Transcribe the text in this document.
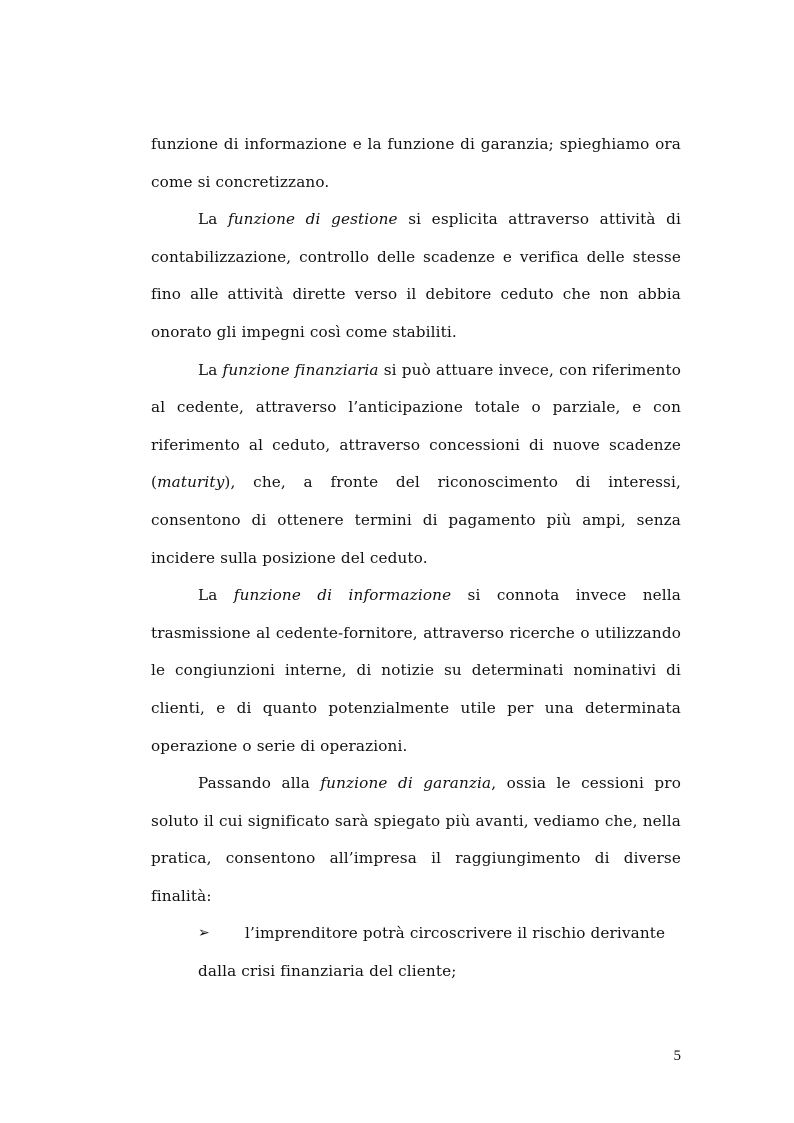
funzione di informazione e la funzione di garanzia; spieghiamo ora come si concretizzano.

La funzione di gestione si esplicita attraverso attività di contabilizzazione, controllo delle scadenze e verifica delle stesse fino alle attività dirette verso il debitore ceduto che non abbia onorato gli impegni così come stabiliti.

La funzione finanziaria si può attuare invece, con riferimento al cedente, attraverso l’anticipazione totale o parziale, e con riferimento al ceduto, attraverso concessioni di nuove scadenze (maturity), che, a fronte del riconoscimento di interessi, consentono di ottenere termini di pagamento più ampi, senza incidere sulla posizione del ceduto.

La funzione di informazione si connota invece nella trasmissione al cedente-fornitore, attraverso ricerche o utilizzando le congiunzioni interne, di notizie su determinati nominativi di clienti, e di quanto potenzialmente utile per una determinata operazione o serie di operazioni.

Passando alla funzione di garanzia, ossia le cessioni pro soluto il cui significato sarà spiegato più avanti, vediamo che, nella pratica, consentono all’impresa il raggiungimento di diverse finalità:

➢	l’imprenditore potrà circoscrivere il rischio derivante
dalla crisi finanziaria del cliente;
5
